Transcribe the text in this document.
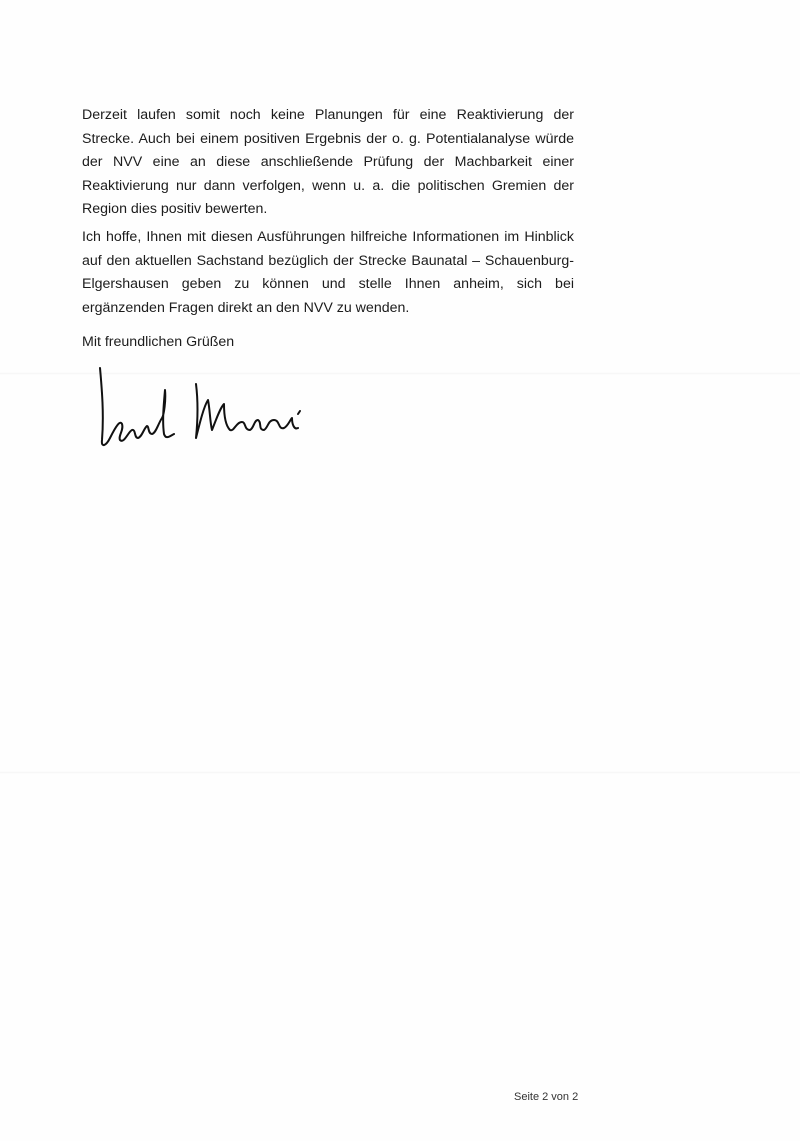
Derzeit laufen somit noch keine Planungen für eine Reaktivierung der Strecke. Auch bei einem positiven Ergebnis der o. g. Potentialanalyse würde der NVV eine an diese anschließende Prüfung der Machbarkeit einer Reaktivierung nur dann verfolgen, wenn u. a. die politischen Gremien der Region dies positiv bewerten.

Ich hoffe, Ihnen mit diesen Ausführungen hilfreiche Informationen im Hinblick auf den aktuellen Sachstand bezüglich der Strecke Baunatal – Schauenburg-Elgershausen geben zu können und stelle Ihnen anheim, sich bei ergänzenden Fragen direkt an den NVV zu wenden.

Mit freundlichen Grüßen

Seite 2 von 2
